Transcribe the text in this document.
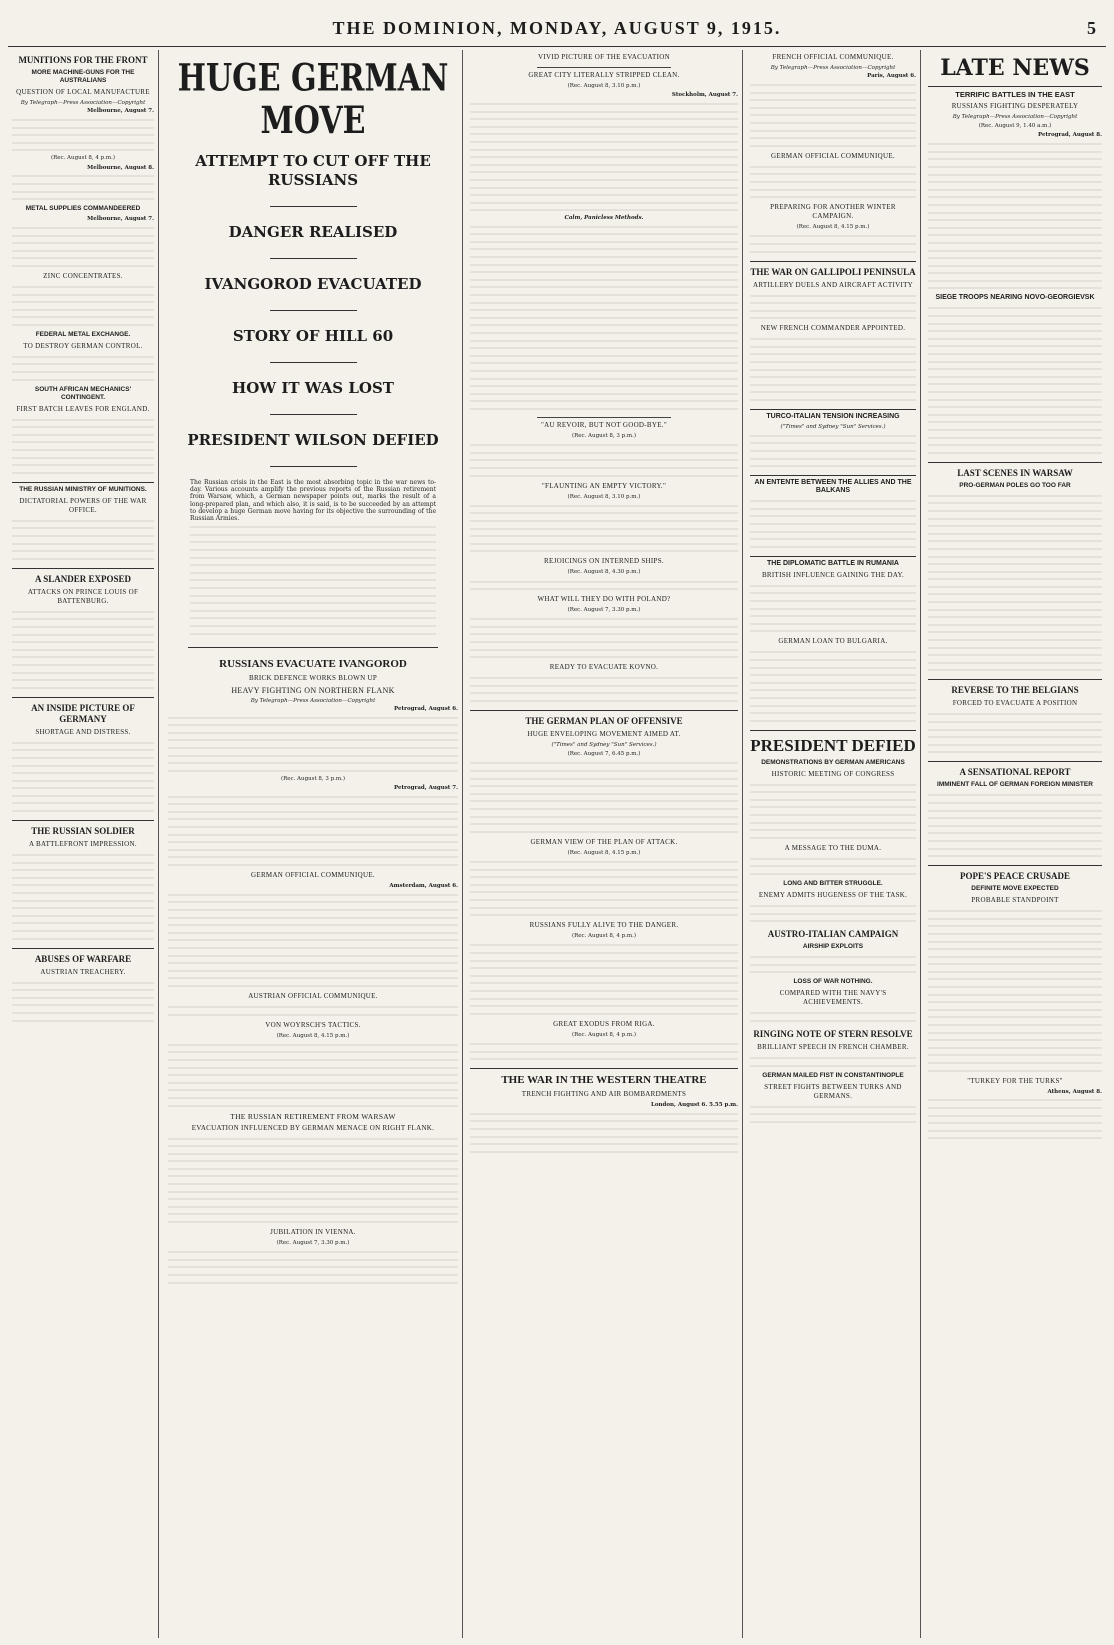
THE DOMINION, MONDAY, AUGUST 9, 1915.	5
MUNITIONS FOR THE FRONT
MORE MACHINE-GUNS FOR THE AUSTRALIANS
QUESTION OF LOCAL MANUFACTURE
By Telegraph—Press Association—Copyright
Melbourne, August 7.
(Rec. August 8, 4 p.m.)
Melbourne, August 8.
METAL SUPPLIES COMMANDEERED
Melbourne, August 7.
ZINC CONCENTRATES.
FEDERAL METAL EXCHANGE.
TO DESTROY GERMAN CONTROL.
SOUTH AFRICAN MECHANICS' CONTINGENT.
FIRST BATCH LEAVES FOR ENGLAND.
THE RUSSIAN MINISTRY OF MUNITIONS.
DICTATORIAL POWERS OF THE WAR OFFICE.
A SLANDER EXPOSED
ATTACKS ON PRINCE LOUIS OF BATTENBURG.
AN INSIDE PICTURE OF GERMANY
SHORTAGE AND DISTRESS.
THE RUSSIAN SOLDIER
A BATTLEFRONT IMPRESSION.
ABUSES OF WARFARE
AUSTRIAN TREACHERY.
HUGE GERMAN MOVE
ATTEMPT TO CUT OFF THE RUSSIANS
DANGER REALISED
IVANGOROD EVACUATED
STORY OF HILL 60
HOW IT WAS LOST
PRESIDENT WILSON DEFIED

The Russian crisis in the East is the most absorbing topic in the war news to-day. Various accounts amplify the previous reports of the Russian retirement from Warsaw, which, a German newspaper points out, marks the result of a long-prepared plan, and which also, it is said, is to be succeeded by an attempt to develop a huge German move having for its objective the surrounding of the Russian Armies.

RUSSIANS EVACUATE IVANGOROD
BRICK DEFENCE WORKS BLOWN UP
HEAVY FIGHTING ON NORTHERN FLANK
By Telegraph—Press Association—Copyright
Petrograd, August 6.
(Rec. August 8, 3 p.m.)
Petrograd, August 7.
GERMAN OFFICIAL COMMUNIQUE.
Amsterdam, August 6.
AUSTRIAN OFFICIAL COMMUNIQUE.
VON WOYRSCH'S TACTICS.
(Rec. August 8, 4.15 p.m.)
THE RUSSIAN RETIREMENT FROM WARSAW
EVACUATION INFLUENCED BY GERMAN MENACE ON RIGHT FLANK.
JUBILATION IN VIENNA.
(Rec. August 7, 3.30 p.m.)
VIVID PICTURE OF THE EVACUATION
GREAT CITY LITERALLY STRIPPED CLEAN.
(Rec. August 8, 3.10 p.m.)
Stockholm, August 7.
Calm, Panicless Methods.
"AU REVOIR, BUT NOT GOOD-BYE."
(Rec. August 8, 3 p.m.)
"FLAUNTING AN EMPTY VICTORY."
(Rec. August 8, 3.10 p.m.)
REJOICINGS ON INTERNED SHIPS.
(Rec. August 8, 4.30 p.m.)
WHAT WILL THEY DO WITH POLAND?
(Rec. August 7, 3.30 p.m.)
READY TO EVACUATE KOVNO.
THE GERMAN PLAN OF OFFENSIVE
HUGE ENVELOPING MOVEMENT AIMED AT.
("Times" and Sydney "Sun" Services.)
(Rec. August 7, 6.45 p.m.)
GERMAN VIEW OF THE PLAN OF ATTACK.
(Rec. August 8, 4.15 p.m.)
RUSSIANS FULLY ALIVE TO THE DANGER.
(Rec. August 8, 4 p.m.)
GREAT EXODUS FROM RIGA.
(Rec. August 8, 4 p.m.)
THE WAR IN THE WESTERN THEATRE
TRENCH FIGHTING AND AIR BOMBARDMENTS
London, August 6. 5.55 p.m.
FRENCH OFFICIAL COMMUNIQUE.
By Telegraph—Press Association—Copyright
Paris, August 6.
GERMAN OFFICIAL COMMUNIQUE.
PREPARING FOR ANOTHER WINTER CAMPAIGN.
(Rec. August 8, 4.15 p.m.)
THE WAR ON GALLIPOLI PENINSULA
ARTILLERY DUELS AND AIRCRAFT ACTIVITY
NEW FRENCH COMMANDER APPOINTED.
TURCO-ITALIAN TENSION INCREASING
("Times" and Sydney "Sun" Services.)
AN ENTENTE BETWEEN THE ALLIES AND THE BALKANS
THE DIPLOMATIC BATTLE IN RUMANIA
BRITISH INFLUENCE GAINING THE DAY.
GERMAN LOAN TO BULGARIA.
PRESIDENT DEFIED
DEMONSTRATIONS BY GERMAN AMERICANS
HISTORIC MEETING OF CONGRESS
A MESSAGE TO THE DUMA.
LONG AND BITTER STRUGGLE.
ENEMY ADMITS HUGENESS OF THE TASK.
AUSTRO-ITALIAN CAMPAIGN
AIRSHIP EXPLOITS
LOSS OF WAR NOTHING.
COMPARED WITH THE NAVY'S ACHIEVEMENTS.
RINGING NOTE OF STERN RESOLVE
BRILLIANT SPEECH IN FRENCH CHAMBER.
GERMAN MAILED FIST IN CONSTANTINOPLE
STREET FIGHTS BETWEEN TURKS AND GERMANS.
LATE NEWS
TERRIFIC BATTLES IN THE EAST
RUSSIANS FIGHTING DESPERATELY
By Telegraph—Press Association—Copyright
(Rec. August 9, 1.40 a.m.)
Petrograd, August 8.
SIEGE TROOPS NEARING NOVO-GEORGIEVSK
LAST SCENES IN WARSAW
PRO-GERMAN POLES GO TOO FAR
REVERSE TO THE BELGIANS
FORCED TO EVACUATE A POSITION
A SENSATIONAL REPORT
IMMINENT FALL OF GERMAN FOREIGN MINISTER
POPE'S PEACE CRUSADE
DEFINITE MOVE EXPECTED
PROBABLE STANDPOINT
"TURKEY FOR THE TURKS"
Athens, August 8.
